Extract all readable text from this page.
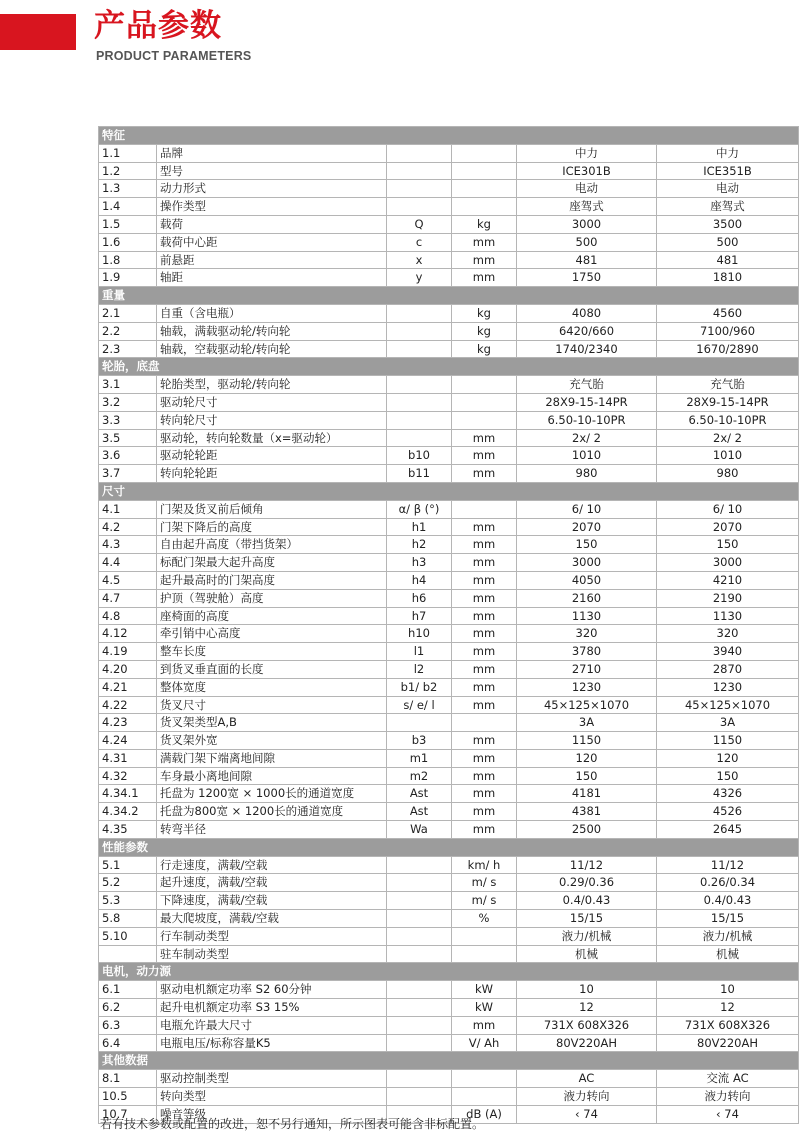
产品参数
PRODUCT PARAMETERS
特征					
1.1	品牌			中力	中力
1.2	型号			ICE301B	ICE351B
1.3	动力形式			电动	电动
1.4	操作类型			座驾式	座驾式
1.5	载荷	Q	kg	3000	3500
1.6	载荷中心距	c	mm	500	500
1.8	前悬距	x	mm	481	481
1.9	轴距	y	mm	1750	1810
重量					
2.1	自重（含电瓶）		kg	4080	4560
2.2	轴载，满载驱动轮/转向轮		kg	6420/660	7100/960
2.3	轴载，空载驱动轮/转向轮		kg	1740/2340	1670/2890
轮胎，底盘					
3.1	轮胎类型，驱动轮/转向轮			充气胎	充气胎
3.2	驱动轮尺寸			28X9-15-14PR	28X9-15-14PR
3.3	转向轮尺寸			6.50-10-10PR	6.50-10-10PR
3.5	驱动轮，转向轮数量（x=驱动轮）		mm	2x/ 2	2x/ 2
3.6	驱动轮轮距	b10	mm	1010	1010
3.7	转向轮轮距	b11	mm	980	980
尺寸					
4.1	门架及货叉前后倾角	α/ β (°)		6/ 10	6/ 10
4.2	门架下降后的高度	h1	mm	2070	2070
4.3	自由起升高度（带挡货架）	h2	mm	150	150
4.4	标配门架最大起升高度	h3	mm	3000	3000
4.5	起升最高时的门架高度	h4	mm	4050	4210
4.7	护顶（驾驶舱）高度	h6	mm	2160	2190
4.8	座椅面的高度	h7	mm	1130	1130
4.12	牵引销中心高度	h10	mm	320	320
4.19	整车长度	l1	mm	3780	3940
4.20	到货叉垂直面的长度	l2	mm	2710	2870
4.21	整体宽度	b1/ b2	mm	1230	1230
4.22	货叉尺寸	s/ e/ l	mm	45×125×1070	45×125×1070
4.23	货叉架类型A,B			3A	3A
4.24	货叉架外宽	b3	mm	1150	1150
4.31	满载门架下端离地间隙	m1	mm	120	120
4.32	车身最小离地间隙	m2	mm	150	150
4.34.1	托盘为 1200宽 × 1000长的通道宽度	Ast	mm	4181	4326
4.34.2	托盘为800宽 × 1200长的通道宽度	Ast	mm	4381	4526
4.35	转弯半径	Wa	mm	2500	2645
性能参数					
5.1	行走速度，满载/空载		km/ h	11/12	11/12
5.2	起升速度，满载/空载		m/ s	0.29/0.36	0.26/0.34
5.3	下降速度，满载/空载		m/ s	0.4/0.43	0.4/0.43
5.8	最大爬坡度，满载/空载		%	15/15	15/15
5.10	行车制动类型			液力/机械	液力/机械
	驻车制动类型			机械	机械
电机，动力源					
6.1	驱动电机额定功率 S2 60分钟		kW	10	10
6.2	起升电机额定功率 S3 15%		kW	12	12
6.3	电瓶允许最大尺寸		mm	731X 608X326	731X 608X326
6.4	电瓶电压/标称容量K5		V/ Ah	80V220AH	80V220AH
其他数据					
8.1	驱动控制类型			AC	交流 AC
10.5	转向类型			液力转向	液力转向
10.7	噪音等级		dB (A)	‹ 74	‹ 74
若有技术参数或配置的改进，恕不另行通知，所示图表可能含非标配置。
